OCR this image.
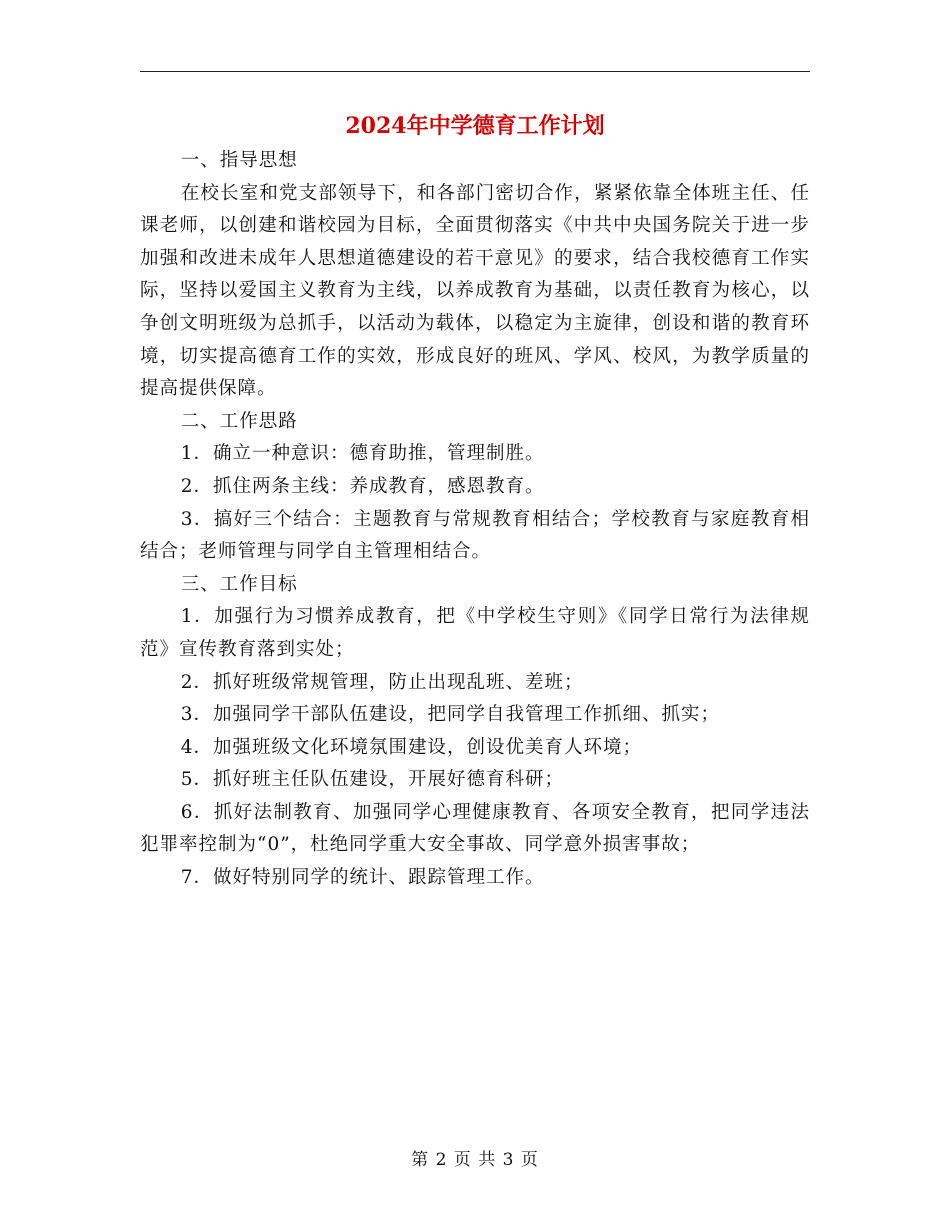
2024年中学德育工作计划

一、指导思想

在校长室和党支部领导下，和各部门密切合作，紧紧依靠全体班主任、任课老师，以创建和谐校园为目标，全面贯彻落实《中共中央国务院关于进一步加强和改进未成年人思想道德建设的若干意见》的要求，结合我校德育工作实际，坚持以爱国主义教育为主线，以养成教育为基础，以责任教育为核心，以争创文明班级为总抓手，以活动为载体，以稳定为主旋律，创设和谐的教育环境，切实提高德育工作的实效，形成良好的班风、学风、校风，为教学质量的提高提供保障。

二、工作思路

1．确立一种意识：德育助推，管理制胜。

2．抓住两条主线：养成教育，感恩教育。

3．搞好三个结合：主题教育与常规教育相结合；学校教育与家庭教育相结合；老师管理与同学自主管理相结合。

三、工作目标

1．加强行为习惯养成教育，把《中学校生守则》《同学日常行为法律规范》宣传教育落到实处；

2．抓好班级常规管理，防止出现乱班、差班；

3．加强同学干部队伍建设，把同学自我管理工作抓细、抓实；

4．加强班级文化环境氛围建设，创设优美育人环境；

5．抓好班主任队伍建设，开展好德育科研；

6．抓好法制教育、加强同学心理健康教育、各项安全教育，把同学违法犯罪率控制为“0”，杜绝同学重大安全事故、同学意外损害事故；

7．做好特别同学的统计、跟踪管理工作。

第 2 页 共 3 页
